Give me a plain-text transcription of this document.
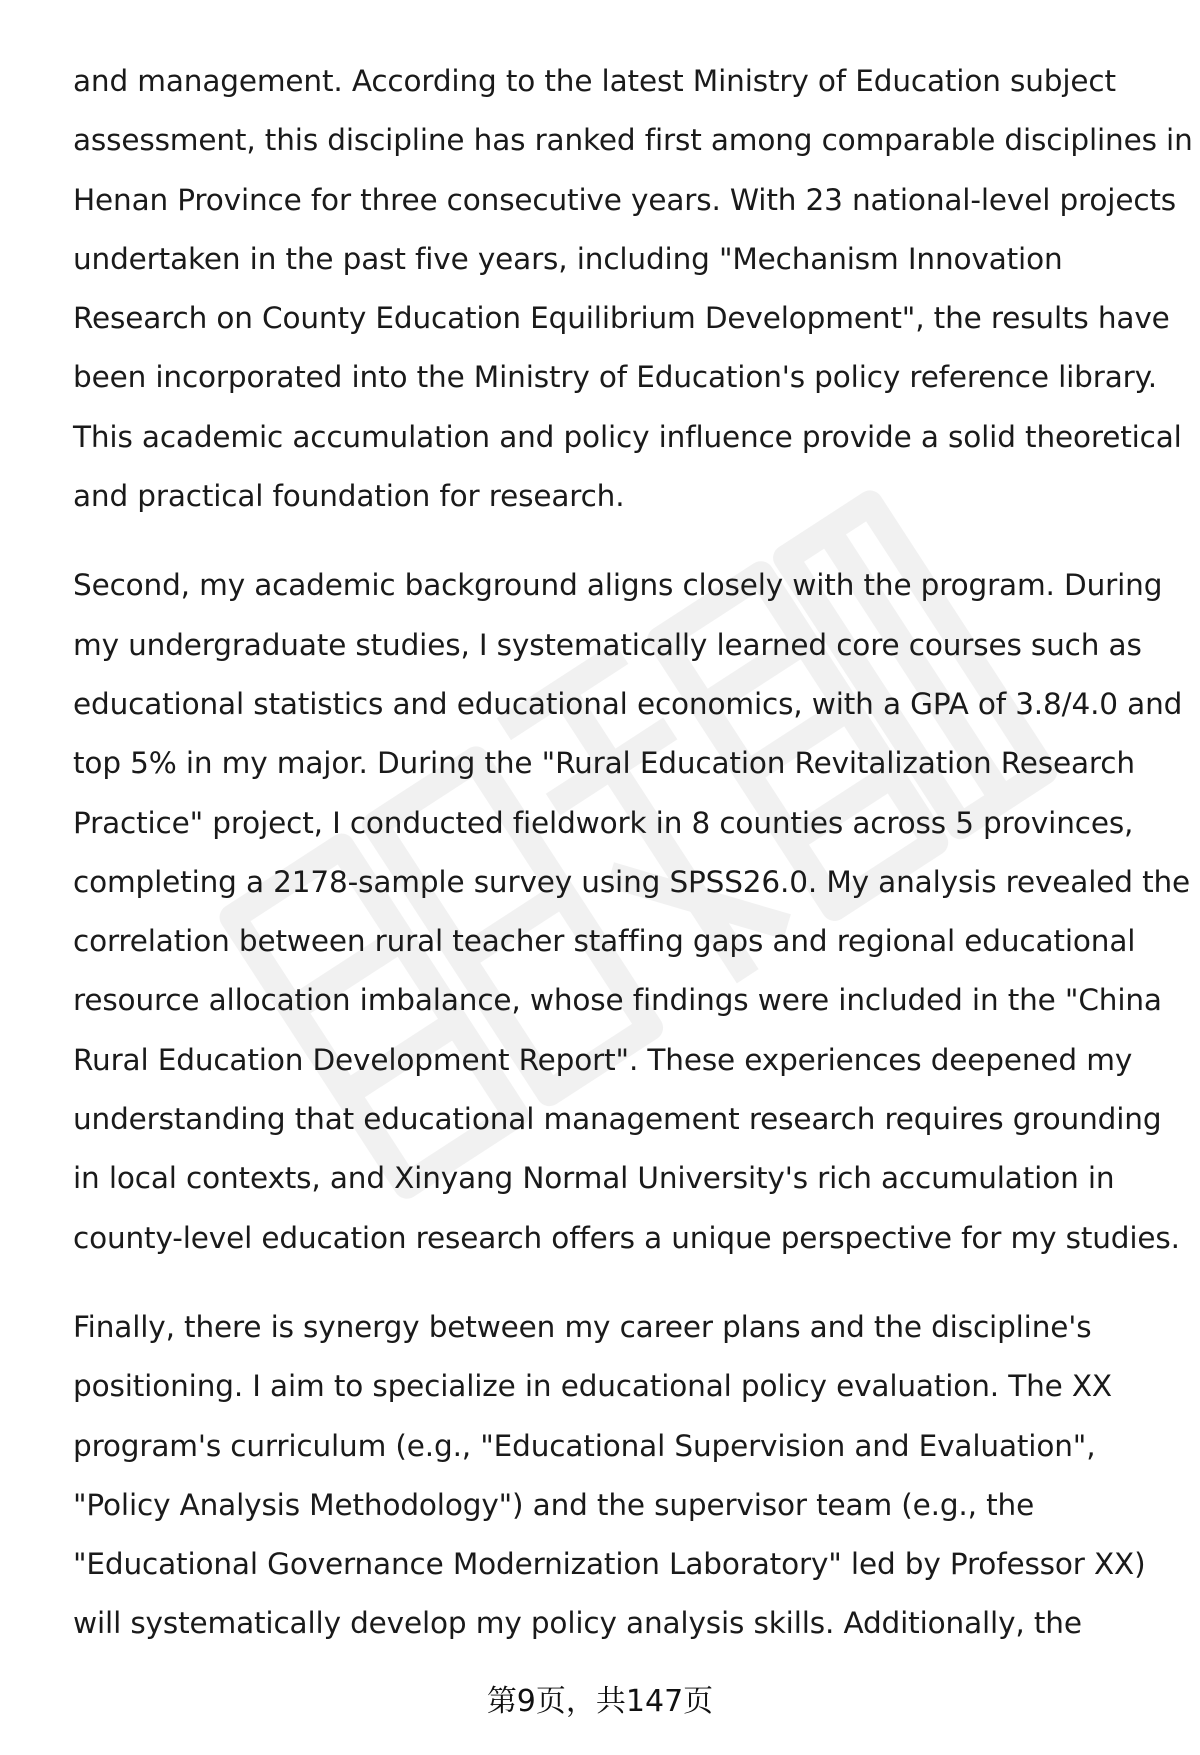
and management. According to the latest Ministry of Education subject
assessment, this discipline has ranked first among comparable disciplines in
Henan Province for three consecutive years. With 23 national-level projects
undertaken in the past five years, including "Mechanism Innovation
Research on County Education Equilibrium Development", the results have
been incorporated into the Ministry of Education's policy reference library.
This academic accumulation and policy influence provide a solid theoretical
and practical foundation for research.

Second, my academic background aligns closely with the program. During
my undergraduate studies, I systematically learned core courses such as
educational statistics and educational economics, with a GPA of 3.8/4.0 and
top 5% in my major. During the "Rural Education Revitalization Research
Practice" project, I conducted fieldwork in 8 counties across 5 provinces,
completing a 2178-sample survey using SPSS26.0. My analysis revealed the
correlation between rural teacher staffing gaps and regional educational
resource allocation imbalance, whose findings were included in the "China
Rural Education Development Report". These experiences deepened my
understanding that educational management research requires grounding
in local contexts, and Xinyang Normal University's rich accumulation in
county-level education research offers a unique perspective for my studies.

Finally, there is synergy between my career plans and the discipline's
positioning. I aim to specialize in educational policy evaluation. The XX
program's curriculum (e.g., "Educational Supervision and Evaluation",
"Policy Analysis Methodology") and the supervisor team (e.g., the
"Educational Governance Modernization Laboratory" led by Professor XX)
will systematically develop my policy analysis skills. Additionally, the

第9页，共147页
